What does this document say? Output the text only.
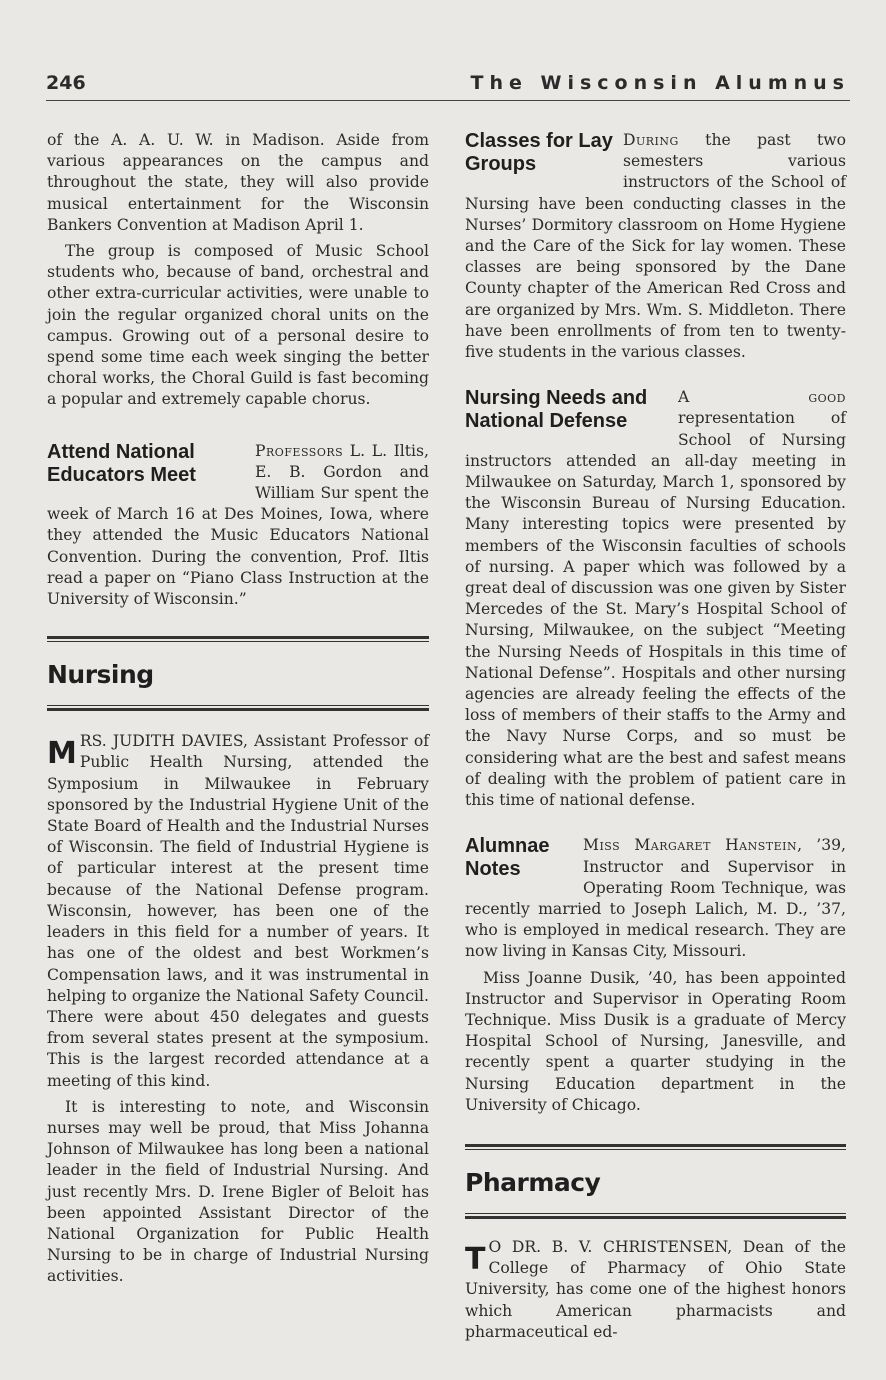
246	The Wisconsin Alumnus

of the A. A. U. W. in Madison. Aside from various appearances on the campus and throughout the state, they will also provide musical entertainment for the Wisconsin Bankers Convention at Madison April 1.

The group is composed of Music School students who, because of band, orchestral and other extra-curricular activities, were unable to join the regular organized choral units on the campus. Growing out of a personal desire to spend some time each week singing the better choral works, the Choral Guild is fast becoming a popular and extremely capable chorus.

Attend National Educators Meet

Professors L. L. Iltis, E. B. Gordon and William Sur spent the week of March 16 at Des Moines, Iowa, where they attended the Music Educators National Convention. During the convention, Prof. Iltis read a paper on “Piano Class Instruction at the University of Wisconsin.”

Nursing
M RS. JUDITH DAVIES, Assistant Professor of Public Health Nursing, attended the Symposium in Milwaukee in February sponsored by the Industrial Hygiene Unit of the State Board of Health and the Industrial Nurses of Wisconsin. The field of Industrial Hygiene is of particular interest at the present time because of the National Defense program. Wisconsin, however, has been one of the leaders in this field for a number of years. It has one of the oldest and best Workmen’s Compensation laws, and it was instrumental in helping to organize the National Safety Council. There were about 450 delegates and guests from several states present at the symposium. This is the largest recorded attendance at a meeting of this kind.

It is interesting to note, and Wisconsin nurses may well be proud, that Miss Johanna Johnson of Milwaukee has long been a national leader in the field of Industrial Nursing. And just recently Mrs. D. Irene Bigler of Beloit has been appointed Assistant Director of the National Organization for Public Health Nursing to be in charge of Industrial Nursing activities.

Classes for Lay Groups

During the past two semesters various instructors of the School of Nursing have been conducting classes in the Nurses’ Dormitory classroom on Home Hygiene and the Care of the Sick for lay women. These classes are being sponsored by the Dane County chapter of the American Red Cross and are organized by Mrs. Wm. S. Middleton. There have been enrollments of from ten to twenty-five students in the various classes.

Nursing Needs and National Defense

A good representation of School of Nursing instructors attended an all-day meeting in Milwaukee on Saturday, March 1, sponsored by the Wisconsin Bureau of Nursing Education. Many interesting topics were presented by members of the Wisconsin faculties of schools of nursing. A paper which was followed by a great deal of discussion was one given by Sister Mercedes of the St. Mary’s Hospital School of Nursing, Milwaukee, on the subject “Meeting the Nursing Needs of Hospitals in this time of National Defense”. Hospitals and other nursing agencies are already feeling the effects of the loss of members of their staffs to the Army and the Navy Nurse Corps, and so must be considering what are the best and safest means of dealing with the problem of patient care in this time of national defense.

Alumnae Notes

Miss Margaret Hanstein, ’39, Instructor and Supervisor in Operating Room Technique, was recently married to Joseph Lalich, M. D., ’37, who is employed in medical research. They are now living in Kansas City, Missouri.

Miss Joanne Dusik, ’40, has been appointed Instructor and Supervisor in Operating Room Technique. Miss Dusik is a graduate of Mercy Hospital School of Nursing, Janesville, and recently spent a quarter studying in the Nursing Education department in the University of Chicago.

Pharmacy
T O DR. B. V. CHRISTENSEN, Dean of the College of Pharmacy of Ohio State University, has come one of the highest honors which American pharmacists and pharmaceutical ed-
